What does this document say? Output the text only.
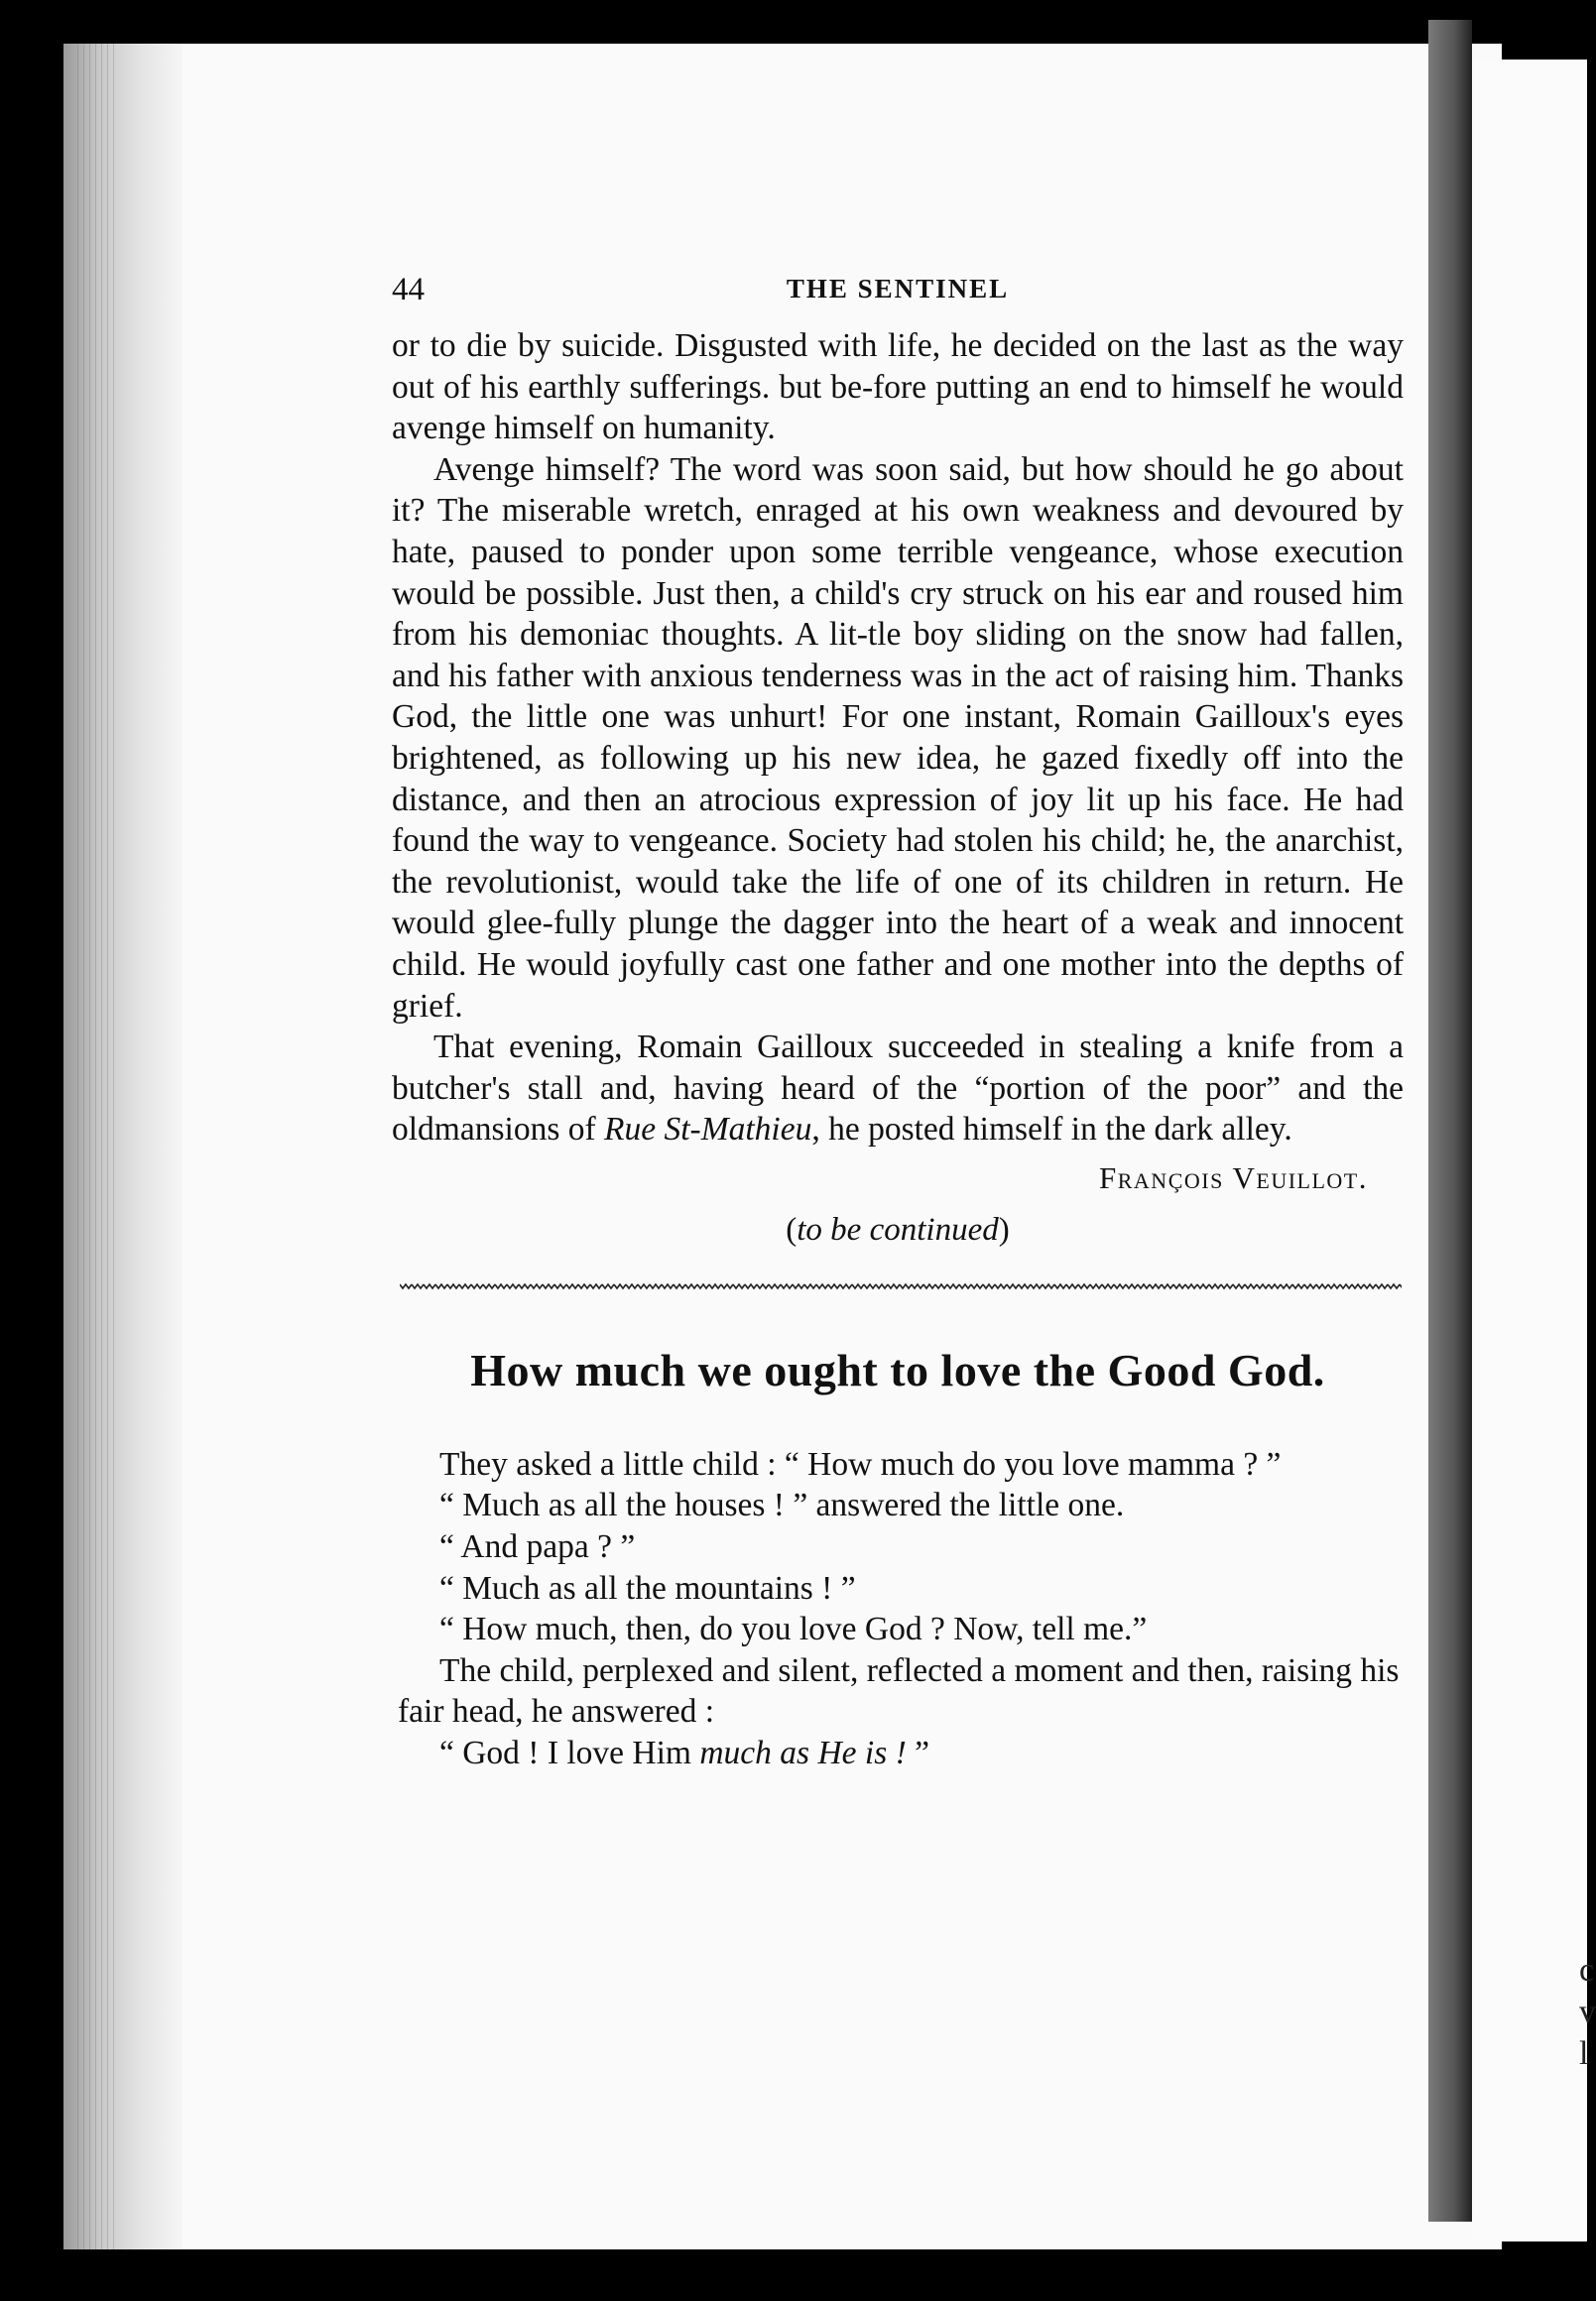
c
v
l
44	THE SENTINEL

or to die by suicide. Disgusted with life, he decided on the last as the way out of his earthly sufferings. but be-fore putting an end to himself he would avenge himself on humanity.

Avenge himself? The word was soon said, but how should he go about it? The miserable wretch, enraged at his own weakness and devoured by hate, paused to ponder upon some terrible vengeance, whose execution would be possible. Just then, a child's cry struck on his ear and roused him from his demoniac thoughts. A lit-tle boy sliding on the snow had fallen, and his father with anxious tenderness was in the act of raising him. Thanks God, the little one was unhurt! For one instant, Romain Gailloux's eyes brightened, as following up his new idea, he gazed fixedly off into the distance, and then an atrocious expression of joy lit up his face. He had found the way to vengeance. Society had stolen his child; he, the anarchist, the revolutionist, would take the life of one of its children in return. He would glee-fully plunge the dagger into the heart of a weak and innocent child. He would joyfully cast one father and one mother into the depths of grief.

That evening, Romain Gailloux succeeded in stealing a knife from a butcher's stall and, having heard of the “portion of the poor” and the oldmansions of Rue St-Mathieu, he posted himself in the dark alley.

François Veuillot.
(to be continued)
How much we ought to love the Good God.

They asked a little child : “ How much do you love mamma ? ”

“ Much as all the houses ! ” answered the little one.

“ And papa ? ”

“ Much as all the mountains ! ”

“ How much, then, do you love God ? Now, tell me.”

The child, perplexed and silent, reflected a moment and then, raising his fair head, he answered :

“ God ! I love Him much as He is ! ”
